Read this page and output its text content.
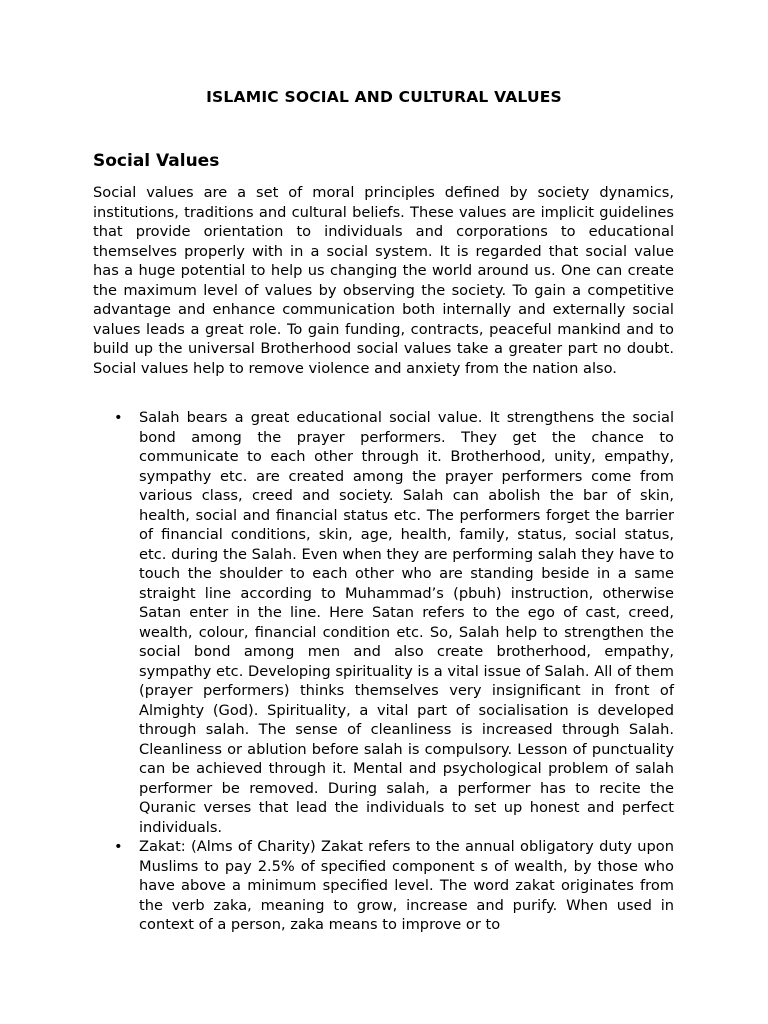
ISLAMIC SOCIAL AND CULTURAL VALUES
Social Values

Social values are a set of moral principles defined by society dynamics, institutions, traditions and cultural beliefs. These values are implicit guidelines that provide orientation to individuals and corporations to educational themselves properly with in a social system. It is regarded that social value has a huge potential to help us changing the world around us. One can create the maximum level of values by observing the society. To gain a competitive advantage and enhance communication both internally and externally social values leads a great role. To gain funding, contracts, peaceful mankind and to build up the universal Brotherhood social values take a greater part no doubt. Social values help to remove violence and anxiety from the nation also.

• Salah bears a great educational social value. It strengthens the social bond among the prayer performers. They get the chance to communicate to each other through it. Brotherhood, unity, empathy, sympathy etc. are created among the prayer performers come from various class, creed and society. Salah can abolish the bar of skin, health, social and financial status etc. The performers forget the barrier of financial conditions, skin, age, health, family, status, social status, etc. during the Salah. Even when they are performing salah they have to touch the shoulder to each other who are standing beside in a same straight line according to Muhammad’s (pbuh) instruction, otherwise Satan enter in the line. Here Satan refers to the ego of cast, creed, wealth, colour, financial condition etc. So, Salah help to strengthen the social bond among men and also create brotherhood, empathy, sympathy etc. Developing spirituality is a vital issue of Salah. All of them (prayer performers) thinks themselves very insignificant in front of Almighty (God). Spirituality, a vital part of socialisation is developed through salah. The sense of cleanliness is increased through Salah. Cleanliness or ablution before salah is compulsory. Lesson of punctuality can be achieved through it. Mental and psychological problem of salah performer be removed. During salah, a performer has to recite the Quranic verses that lead the individuals to set up honest and perfect individuals.
• Zakat: (Alms of Charity) Zakat refers to the annual obligatory duty upon Muslims to pay 2.5% of specified component s of wealth, by those who have above a minimum specified level. The word zakat originates from the verb zaka, meaning to grow, increase and purify. When used in context of a person, zaka means to improve or to
